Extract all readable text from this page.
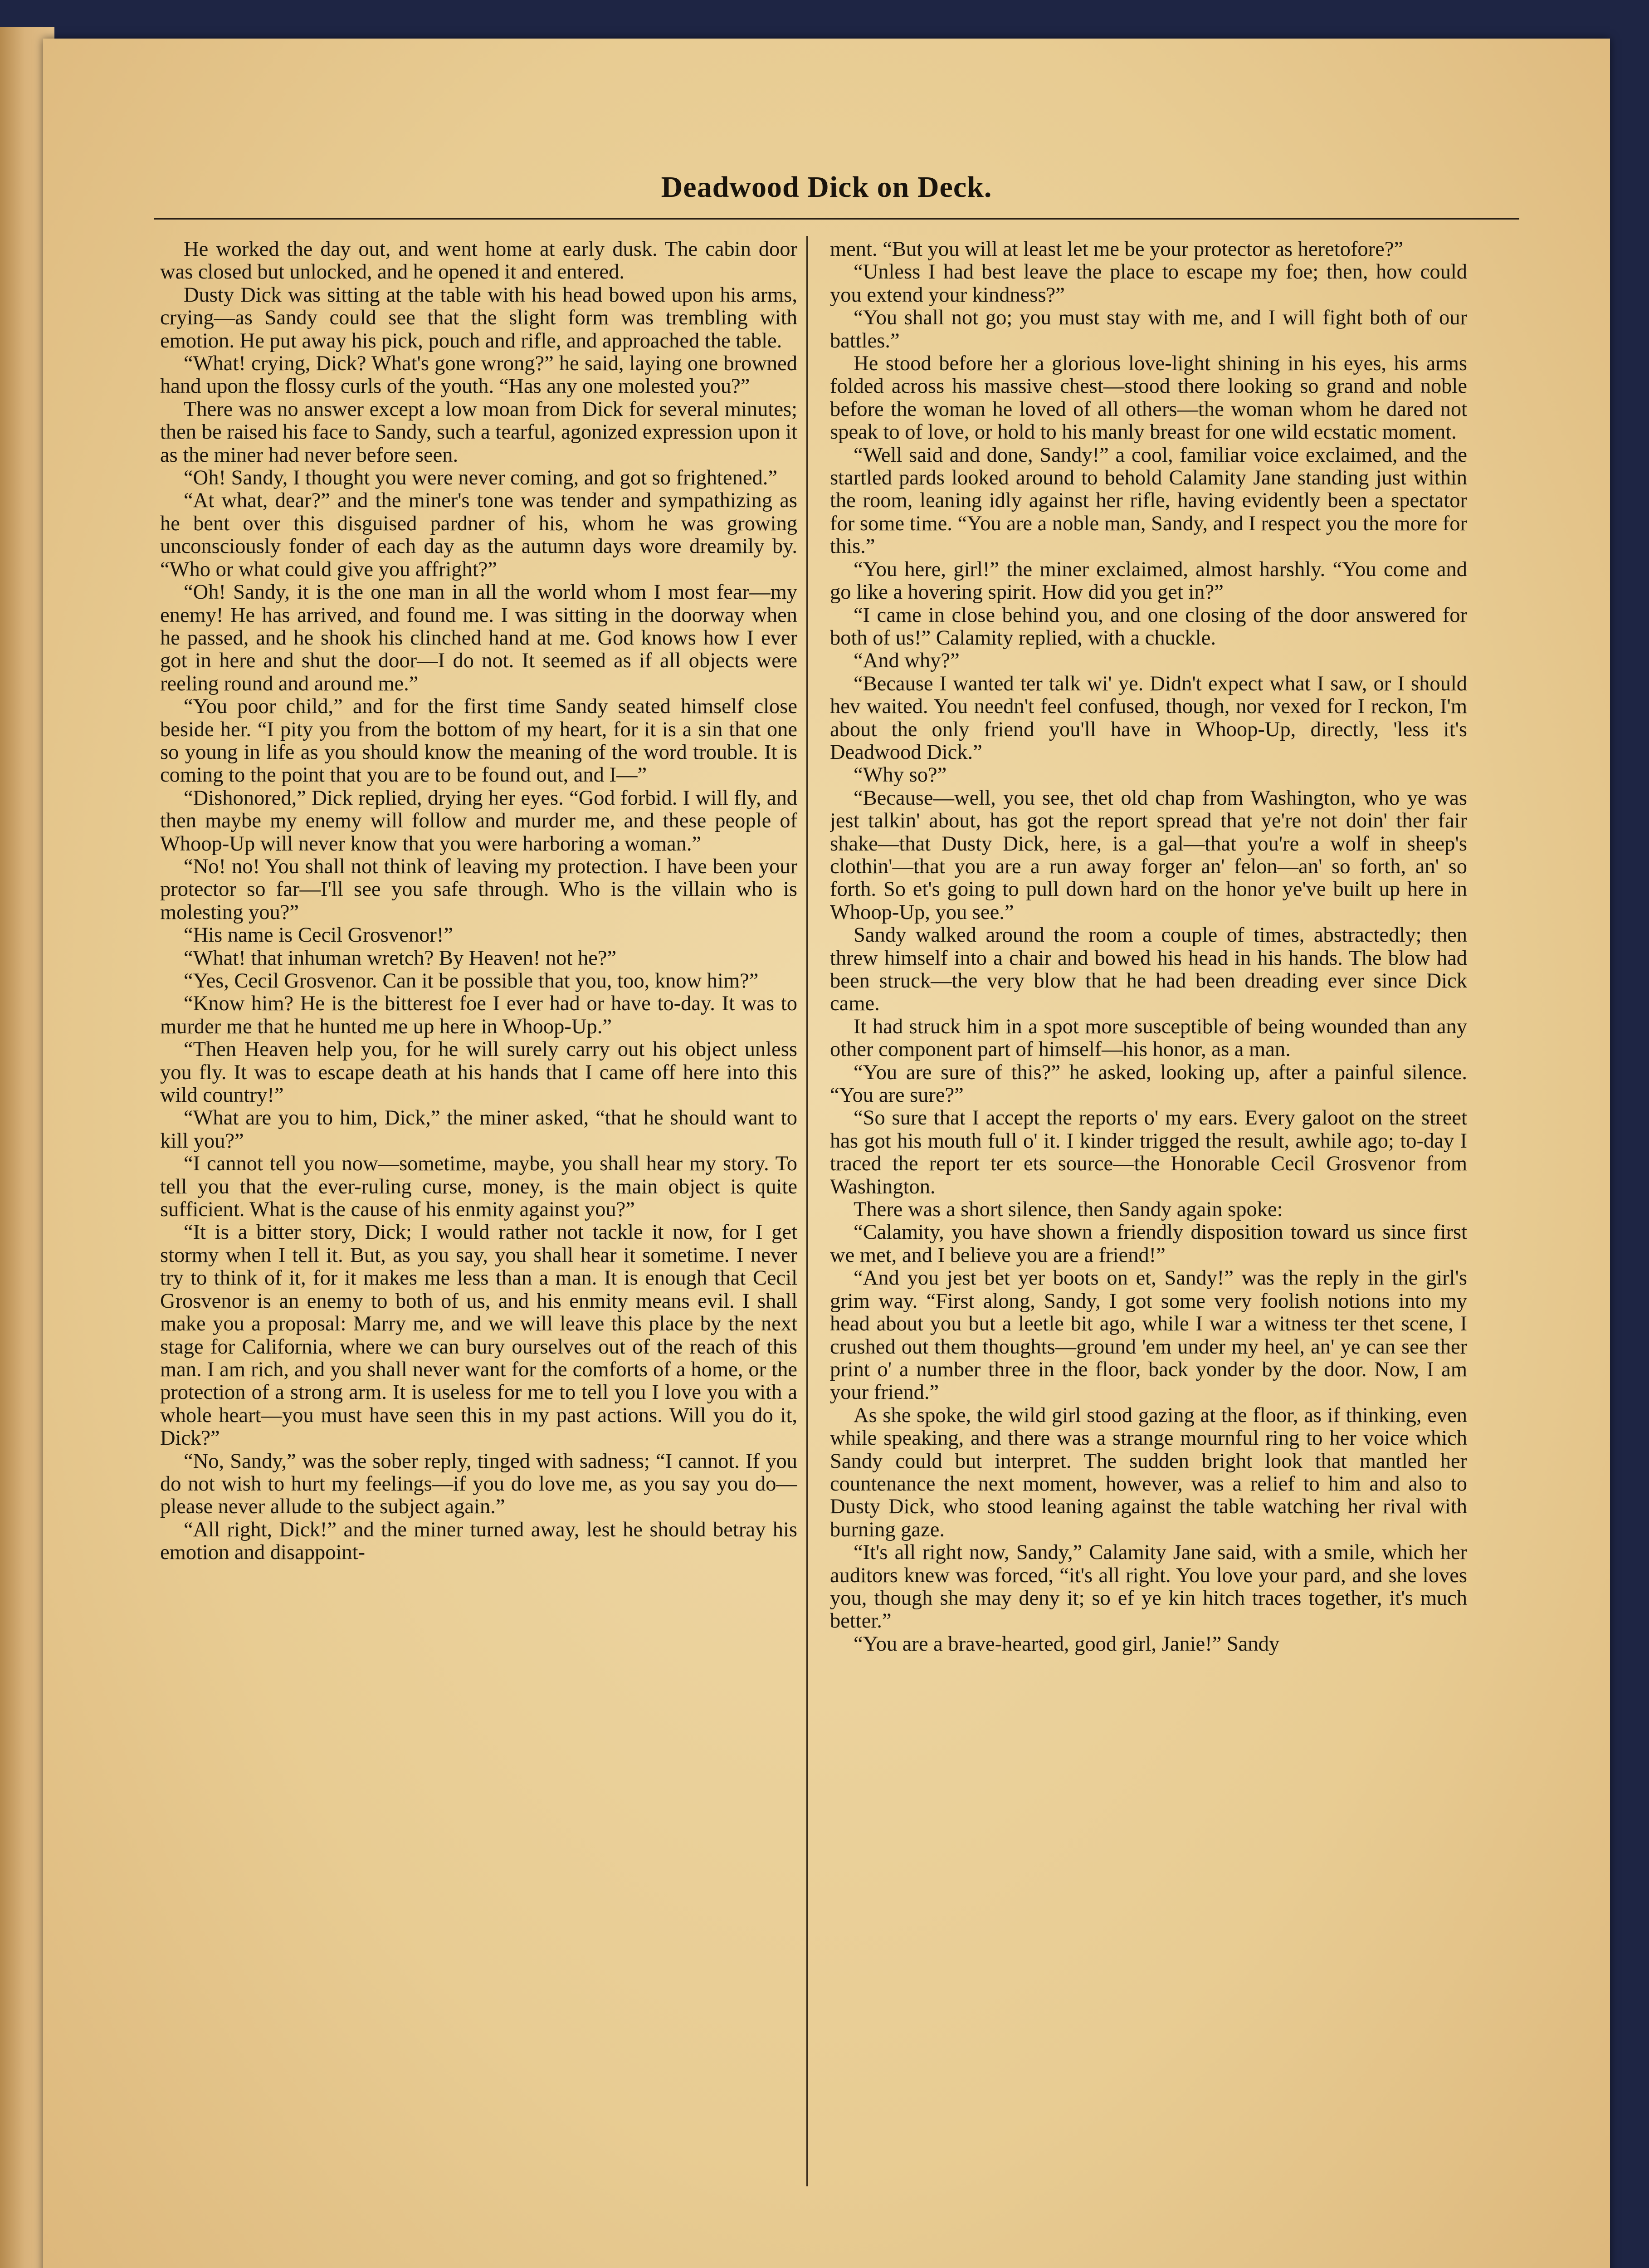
Deadwood Dick on Deck.

He worked the day out, and went home at early dusk. The cabin door was closed but unlocked, and he opened it and entered.

Dusty Dick was sitting at the table with his head bowed upon his arms, crying—as Sandy could see that the slight form was trembling with emotion. He put away his pick, pouch and rifle, and approached the table.

“What! crying, Dick? What's gone wrong?” he said, laying one browned hand upon the flossy curls of the youth. “Has any one molested you?”

There was no answer except a low moan from Dick for several minutes; then be raised his face to Sandy, such a tearful, agonized expression upon it as the miner had never before seen.

“Oh! Sandy, I thought you were never coming, and got so frightened.”

“At what, dear?” and the miner's tone was tender and sympathizing as he bent over this disguised pardner of his, whom he was growing unconsciously fonder of each day as the autumn days wore dreamily by. “Who or what could give you affright?”

“Oh! Sandy, it is the one man in all the world whom I most fear—my enemy! He has arrived, and found me. I was sitting in the doorway when he passed, and he shook his clinched hand at me. God knows how I ever got in here and shut the door—I do not. It seemed as if all objects were reeling round and around me.”

“You poor child,” and for the first time Sandy seated himself close beside her. “I pity you from the bottom of my heart, for it is a sin that one so young in life as you should know the meaning of the word trouble. It is coming to the point that you are to be found out, and I—”

“Dishonored,” Dick replied, drying her eyes. “God forbid. I will fly, and then maybe my enemy will follow and murder me, and these people of Whoop-Up will never know that you were harboring a woman.”

“No! no! You shall not think of leaving my protection. I have been your protector so far—I'll see you safe through. Who is the villain who is molesting you?”

“His name is Cecil Grosvenor!”

“What! that inhuman wretch? By Heaven! not he?”

“Yes, Cecil Grosvenor. Can it be possible that you, too, know him?”

“Know him? He is the bitterest foe I ever had or have to-day. It was to murder me that he hunted me up here in Whoop-Up.”

“Then Heaven help you, for he will surely carry out his object unless you fly. It was to escape death at his hands that I came off here into this wild country!”

“What are you to him, Dick,” the miner asked, “that he should want to kill you?”

“I cannot tell you now—sometime, maybe, you shall hear my story. To tell you that the ever-ruling curse, money, is the main object is quite sufficient. What is the cause of his enmity against you?”

“It is a bitter story, Dick; I would rather not tackle it now, for I get stormy when I tell it. But, as you say, you shall hear it sometime. I never try to think of it, for it makes me less than a man. It is enough that Cecil Grosvenor is an enemy to both of us, and his enmity means evil. I shall make you a proposal: Marry me, and we will leave this place by the next stage for California, where we can bury ourselves out of the reach of this man. I am rich, and you shall never want for the comforts of a home, or the protection of a strong arm. It is useless for me to tell you I love you with a whole heart—you must have seen this in my past actions. Will you do it, Dick?”

“No, Sandy,” was the sober reply, tinged with sadness; “I cannot. If you do not wish to hurt my feelings—if you do love me, as you say you do—please never allude to the subject again.”

“All right, Dick!” and the miner turned away, lest he should betray his emotion and disappoint-

ment. “But you will at least let me be your protector as heretofore?”

“Unless I had best leave the place to escape my foe; then, how could you extend your kindness?”

“You shall not go; you must stay with me, and I will fight both of our battles.”

He stood before her a glorious love-light shining in his eyes, his arms folded across his massive chest—stood there looking so grand and noble before the woman he loved of all others—the woman whom he dared not speak to of love, or hold to his manly breast for one wild ecstatic moment.

“Well said and done, Sandy!” a cool, familiar voice exclaimed, and the startled pards looked around to behold Calamity Jane standing just within the room, leaning idly against her rifle, having evidently been a spectator for some time. “You are a noble man, Sandy, and I respect you the more for this.”

“You here, girl!” the miner exclaimed, almost harshly. “You come and go like a hovering spirit. How did you get in?”

“I came in close behind you, and one closing of the door answered for both of us!” Calamity replied, with a chuckle.

“And why?”

“Because I wanted ter talk wi' ye. Didn't expect what I saw, or I should hev waited. You needn't feel confused, though, nor vexed for I reckon, I'm about the only friend you'll have in Whoop-Up, directly, 'less it's Deadwood Dick.”

“Why so?”

“Because—well, you see, thet old chap from Washington, who ye was jest talkin' about, has got the report spread that ye're not doin' ther fair shake—that Dusty Dick, here, is a gal—that you're a wolf in sheep's clothin'—that you are a run away forger an' felon—an' so forth, an' so forth. So et's going to pull down hard on the honor ye've built up here in Whoop-Up, you see.”

Sandy walked around the room a couple of times, abstractedly; then threw himself into a chair and bowed his head in his hands. The blow had been struck—the very blow that he had been dreading ever since Dick came.

It had struck him in a spot more susceptible of being wounded than any other component part of himself—his honor, as a man.

“You are sure of this?” he asked, looking up, after a painful silence. “You are sure?”

“So sure that I accept the reports o' my ears. Every galoot on the street has got his mouth full o' it. I kinder trigged the result, awhile ago; to-day I traced the report ter ets source—the Honorable Cecil Grosvenor from Washington.

There was a short silence, then Sandy again spoke:

“Calamity, you have shown a friendly disposition toward us since first we met, and I believe you are a friend!”

“And you jest bet yer boots on et, Sandy!” was the reply in the girl's grim way. “First along, Sandy, I got some very foolish notions into my head about you but a leetle bit ago, while I war a witness ter thet scene, I crushed out them thoughts—ground 'em under my heel, an' ye can see ther print o' a number three in the floor, back yonder by the door. Now, I am your friend.”

As she spoke, the wild girl stood gazing at the floor, as if thinking, even while speaking, and there was a strange mournful ring to her voice which Sandy could but interpret. The sudden bright look that mantled her countenance the next moment, however, was a relief to him and also to Dusty Dick, who stood leaning against the table watching her rival with burning gaze.

“It's all right now, Sandy,” Calamity Jane said, with a smile, which her auditors knew was forced, “it's all right. You love your pard, and she loves you, though she may deny it; so ef ye kin hitch traces together, it's much better.”

“You are a brave-hearted, good girl, Janie!” Sandy
